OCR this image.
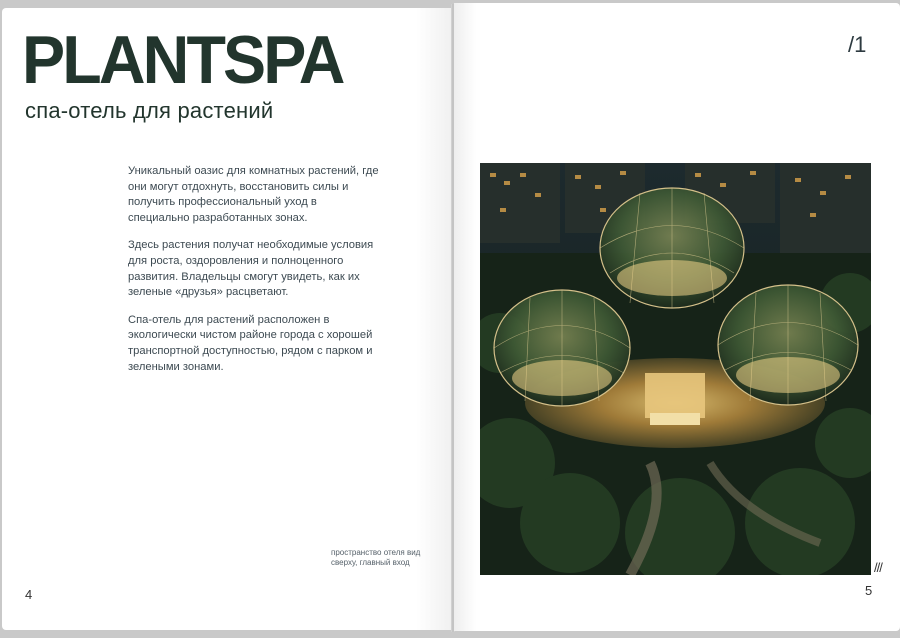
PLANTSPA
спа-отель для растений

Уникальный оазис для комнатных растений, где они могут отдохнуть, восстановить силы и получить профессиональный уход в специально разработанных зонах.

Здесь растения получат необходимые условия для роста, оздоровления и полноценного развития. Владельцы смогут увидеть, как их зеленые «друзья» расцветают.

Спа-отель для растений расположен в экологически чистом районе города с хорошей транспортной доступностью, рядом с парком и зелеными зонами.

пространство отеля вид сверху, главный вход
4
/1
///
5
